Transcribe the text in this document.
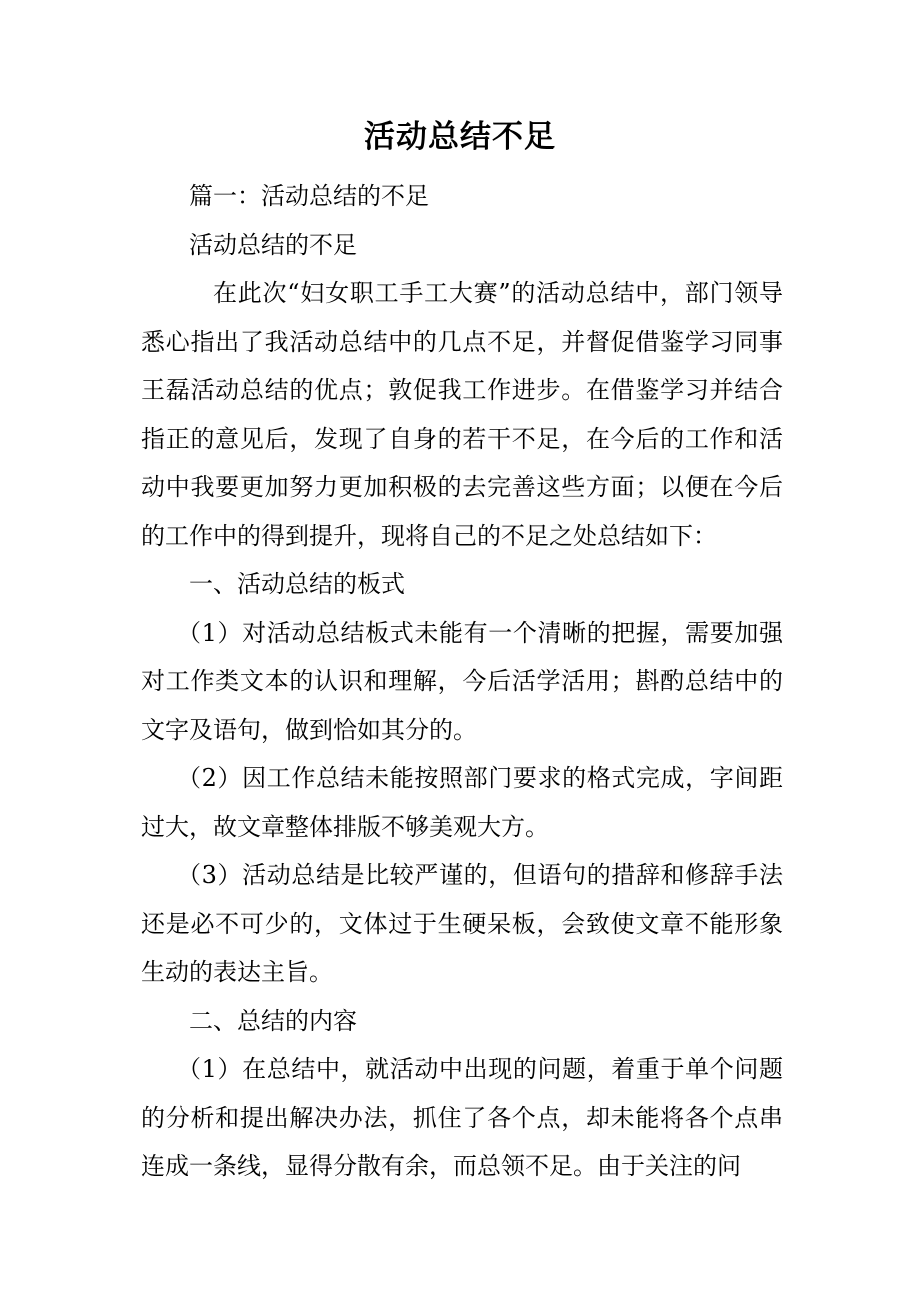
活动总结不足

篇一：活动总结的不足

活动总结的不足

在此次“妇女职工手工大赛”的活动总结中，部门领导悉心指出了我活动总结中的几点不足，并督促借鉴学习同事王磊活动总结的优点；敦促我工作进步。在借鉴学习并结合指正的意见后，发现了自身的若干不足，在今后的工作和活动中我要更加努力更加积极的去完善这些方面；以便在今后的工作中的得到提升，现将自己的不足之处总结如下：

一、活动总结的板式

（1）对活动总结板式未能有一个清晰的把握，需要加强对工作类文本的认识和理解，今后活学活用；斟酌总结中的文字及语句，做到恰如其分的。

（2）因工作总结未能按照部门要求的格式完成，字间距过大，故文章整体排版不够美观大方。

（3）活动总结是比较严谨的，但语句的措辞和修辞手法还是必不可少的，文体过于生硬呆板，会致使文章不能形象生动的表达主旨。

二、总结的内容

（1）在总结中，就活动中出现的问题，着重于单个问题的分析和提出解决办法，抓住了各个点，却未能将各个点串连成一条线，显得分散有余，而总领不足。由于关注的问
